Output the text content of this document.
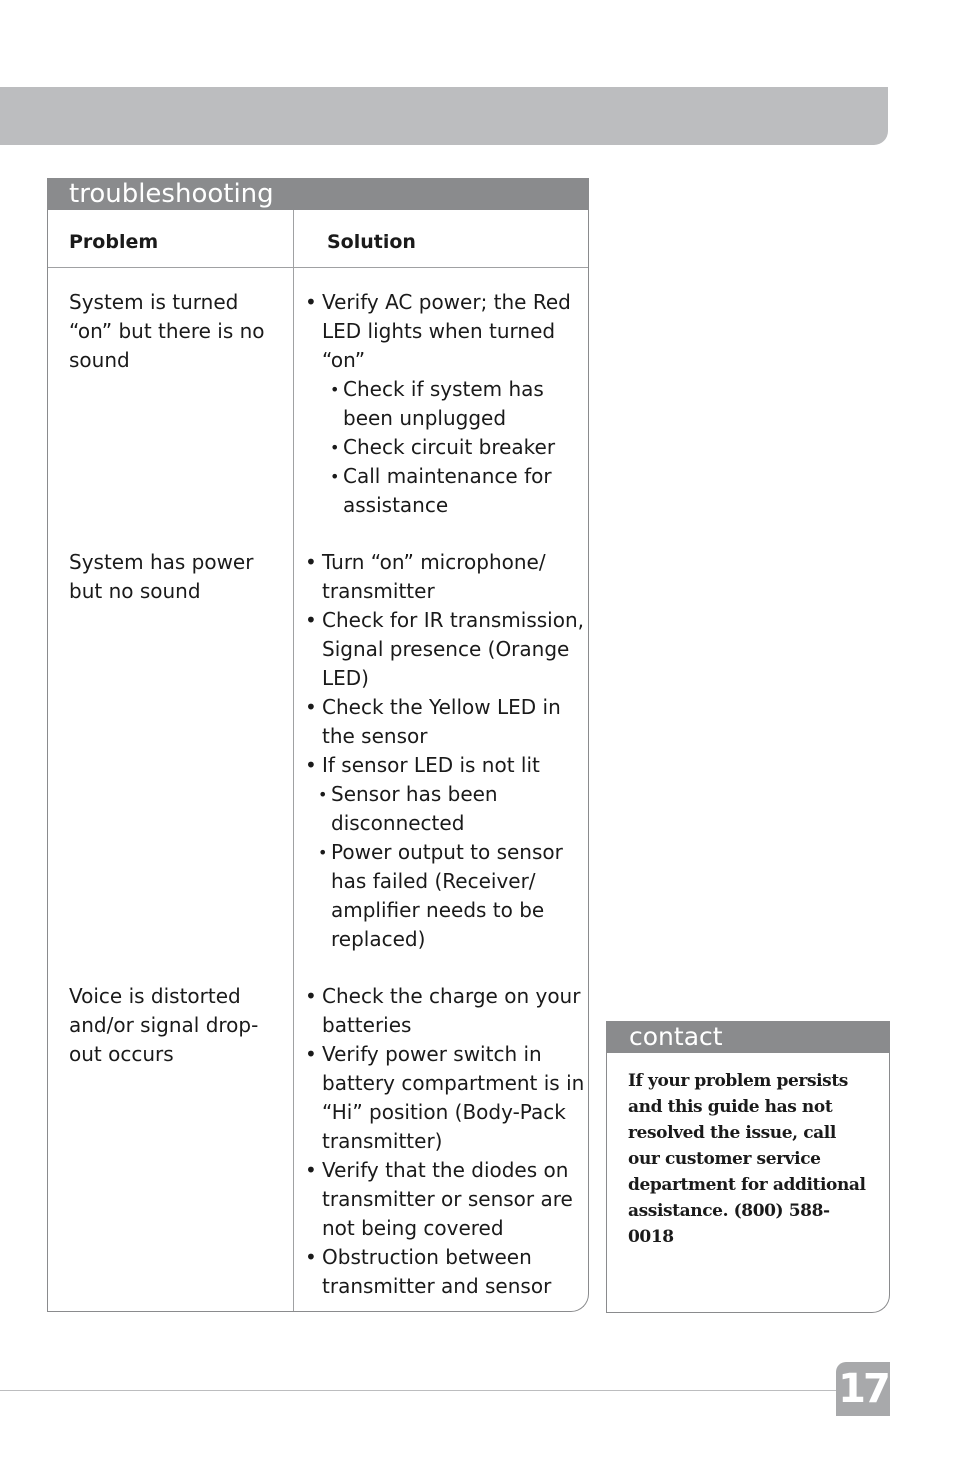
troubleshooting
Problem	Solution
System is turned “on” but there is no sound
• Verify AC power; the Red LED lights when turned “on”
• Check if system has been unplugged
• Check circuit breaker
• Call maintenance for assistance
System has power but no sound
• Turn “on” microphone/ transmitter
• Check for IR transmission, Signal presence (Orange LED)
• Check the Yellow LED in the sensor
• If sensor LED is not lit
• Sensor has been disconnected
• Power output to sensor has failed (Receiver/ amplifier needs to be replaced)
Voice is distorted and/or signal drop-out occurs
• Check the charge on your batteries
• Verify power switch in battery compartment is in “Hi” position (Body-Pack transmitter)
• Verify that the diodes on transmitter or sensor are not being covered
• Obstruction between transmitter and sensor
contact
If your problem persists and this guide has not resolved the issue, call our customer service department for additional assistance. (800) 588-0018
17
